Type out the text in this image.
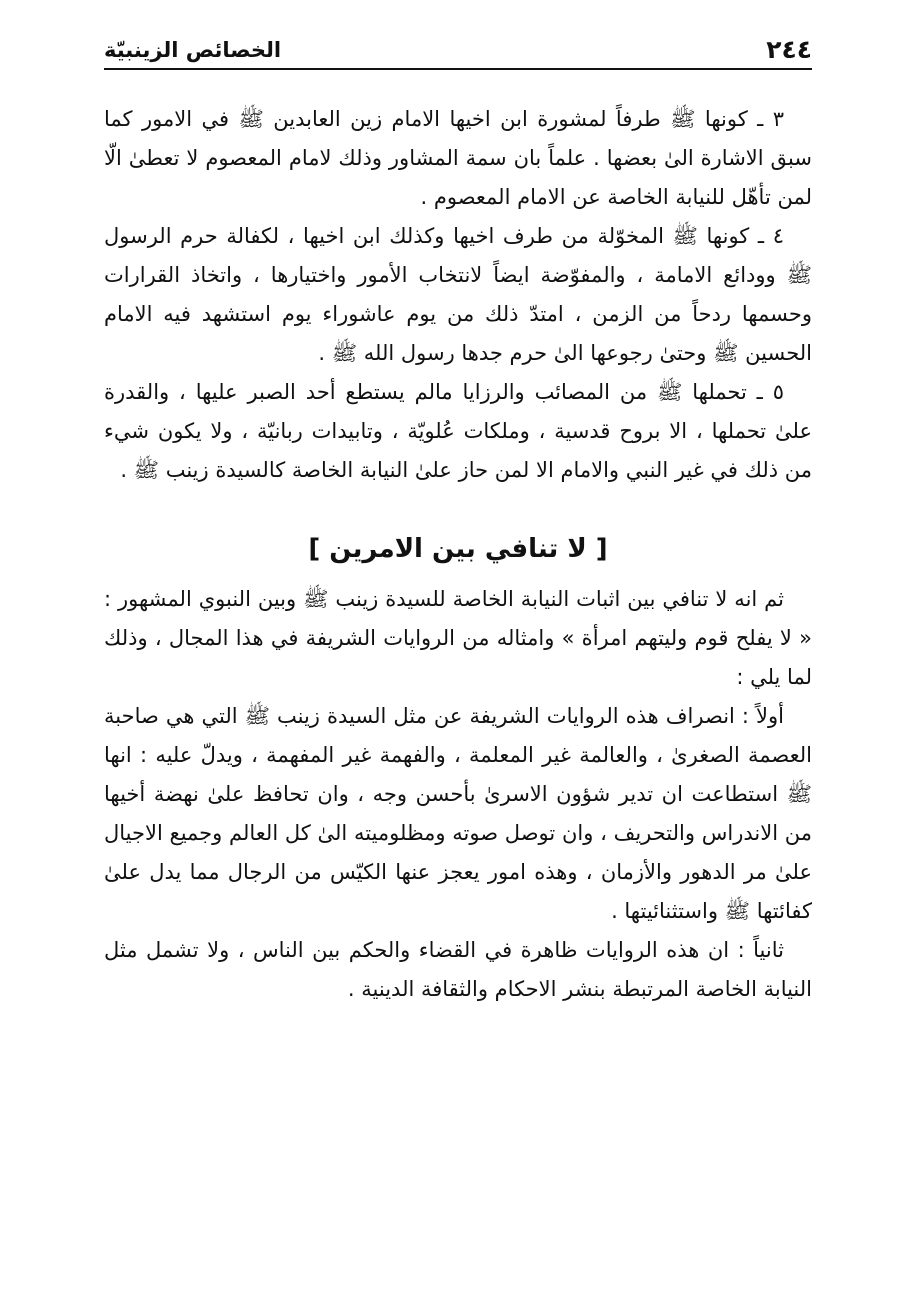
٢٤٤
الخصائص الزينبيّة

٣ ـ كونها ﷺ طرفاً لمشورة ابن اخيها الامام زين العابدين ﷺ في الامور كما سبق الاشارة الىٰ بعضها . علماً بان سمة المشاور وذلك لامام المعصوم لا تعطىٰ الّا لمن تأهّل للنيابة الخاصة عن الامام المعصوم .

٤ ـ كونها ﷺ المخوّلة من طرف اخيها وكذلك ابن اخيها ، لكفالة حرم الرسول ﷺ وودائع الامامة ، والمفوّضة ايضاً لانتخاب الأمور واختيارها ، واتخاذ القرارات وحسمها ردحاً من الزمن ، امتدّ ذلك من يوم عاشوراء يوم استشهد فيه الامام الحسين ﷺ وحتىٰ رجوعها الىٰ حرم جدها رسول الله ﷺ .

٥ ـ تحملها ﷺ من المصائب والرزايا مالم يستطع أحد الصبر عليها ، والقدرة علىٰ تحملها ، الا بروح قدسية ، وملكات عُلويّة ، وتابيدات ربانيّة ، ولا يكون شيء من ذلك في غير النبي والامام الا لمن حاز علىٰ النيابة الخاصة كالسيدة زينب ﷺ .

[ لا تنافي بين الامرين ]

ثم انه لا تنافي بين اثبات النيابة الخاصة للسيدة زينب ﷺ وبين النبوي المشهور : « لا يفلح قوم وليتهم امرأة » وامثاله من الروايات الشريفة في هذا المجال ، وذلك لما يلي :

أولاً : انصراف هذه الروايات الشريفة عن مثل السيدة زينب ﷺ التي هي صاحبة العصمة الصغرىٰ ، والعالمة غير المعلمة ، والفهمة غير المفهمة ، ويدلّ عليه : انها ﷺ استطاعت ان تدير شؤون الاسرىٰ بأحسن وجه ، وان تحافظ علىٰ نهضة أخيها من الاندراس والتحريف ، وان توصل صوته ومظلوميته الىٰ كل العالم وجميع الاجيال علىٰ مر الدهور والأزمان ، وهذه امور يعجز عنها الكيّس من الرجال مما يدل علىٰ كفائتها ﷺ واستثنائيتها .

ثانياً : ان هذه الروايات ظاهرة في القضاء والحكم بين الناس ، ولا تشمل مثل النيابة الخاصة المرتبطة بنشر الاحكام والثقافة الدينية .
